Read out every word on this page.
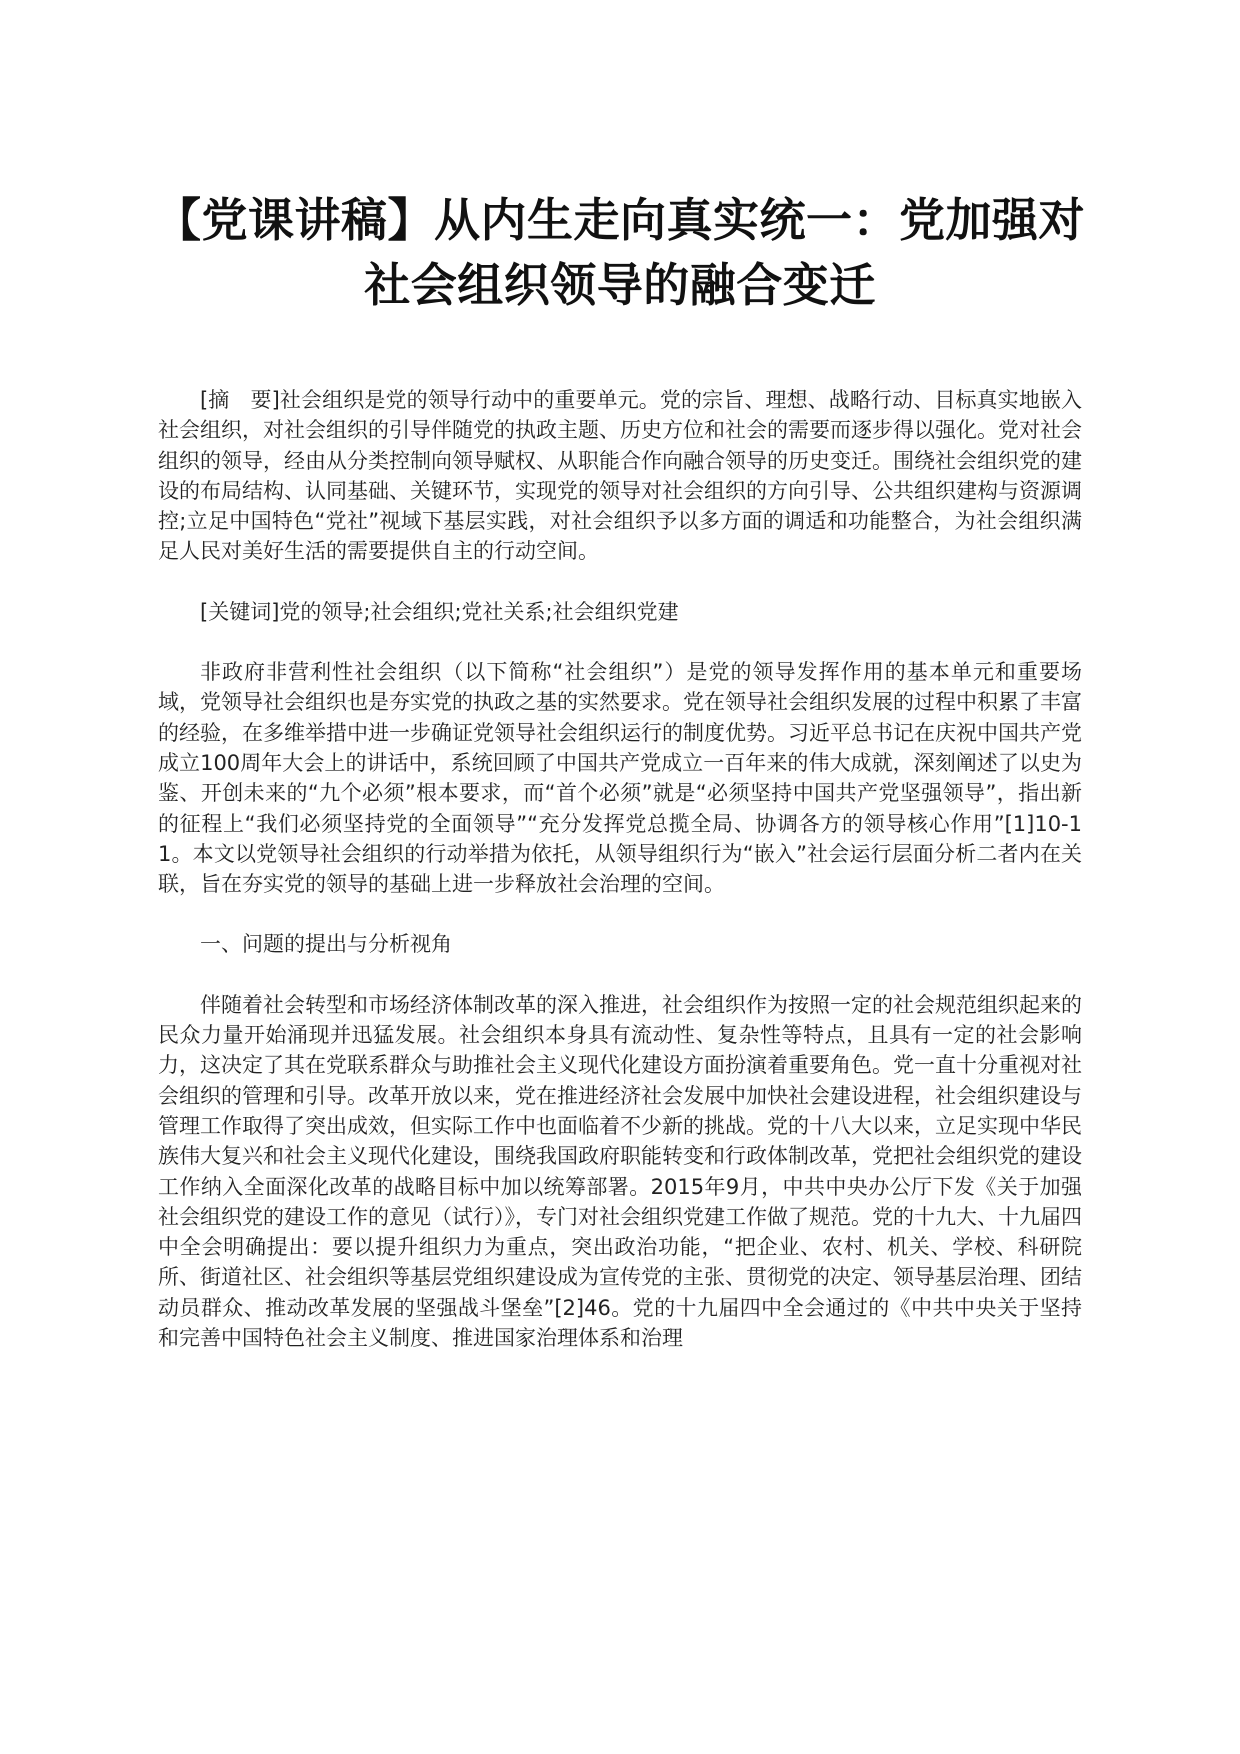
【党课讲稿】从内生走向真实统一：党加强对
社会组织领导的融合变迁

[摘　要]社会组织是党的领导行动中的重要单元。党的宗旨、理想、战略行动、目标真实地嵌入社会组织，对社会组织的引导伴随党的执政主题、历史方位和社会的需要而逐步得以强化。党对社会组织的领导，经由从分类控制向领导赋权、从职能合作向融合领导的历史变迁。围绕社会组织党的建设的布局结构、认同基础、关键环节，实现党的领导对社会组织的方向引导、公共组织建构与资源调控;立足中国特色“党社”视域下基层实践，对社会组织予以多方面的调适和功能整合，为社会组织满足人民对美好生活的需要提供自主的行动空间。

[关键词]党的领导;社会组织;党社关系;社会组织党建

非政府非营利性社会组织（以下简称“社会组织”）是党的领导发挥作用的基本单元和重要场域，党领导社会组织也是夯实党的执政之基的实然要求。党在领导社会组织发展的过程中积累了丰富的经验，在多维举措中进一步确证党领导社会组织运行的制度优势。习近平总书记在庆祝中国共产党成立100周年大会上的讲话中，系统回顾了中国共产党成立一百年来的伟大成就，深刻阐述了以史为鉴、开创未来的“九个必须”根本要求，而“首个必须”就是“必须坚持中国共产党坚强领导”，指出新的征程上“我们必须坚持党的全面领导”“充分发挥党总揽全局、协调各方的领导核心作用”[1]10-11。本文以党领导社会组织的行动举措为依托，从领导组织行为“嵌入”社会运行层面分析二者内在关联，旨在夯实党的领导的基础上进一步释放社会治理的空间。

一、问题的提出与分析视角

伴随着社会转型和市场经济体制改革的深入推进，社会组织作为按照一定的社会规范组织起来的民众力量开始涌现并迅猛发展。社会组织本身具有流动性、复杂性等特点，且具有一定的社会影响力，这决定了其在党联系群众与助推社会主义现代化建设方面扮演着重要角色。党一直十分重视对社会组织的管理和引导。改革开放以来，党在推进经济社会发展中加快社会建设进程，社会组织建设与管理工作取得了突出成效，但实际工作中也面临着不少新的挑战。党的十八大以来，立足实现中华民族伟大复兴和社会主义现代化建设，围绕我国政府职能转变和行政体制改革，党把社会组织党的建设工作纳入全面深化改革的战略目标中加以统筹部署。2015年9月，中共中央办公厅下发《关于加强社会组织党的建设工作的意见（试行）》，专门对社会组织党建工作做了规范。党的十九大、十九届四中全会明确提出：要以提升组织力为重点，突出政治功能，“把企业、农村、机关、学校、科研院所、街道社区、社会组织等基层党组织建设成为宣传党的主张、贯彻党的决定、领导基层治理、团结动员群众、推动改革发展的坚强战斗堡垒”[2]46。党的十九届四中全会通过的《中共中央关于坚持和完善中国特色社会主义制度、推进国家治理体系和治理
